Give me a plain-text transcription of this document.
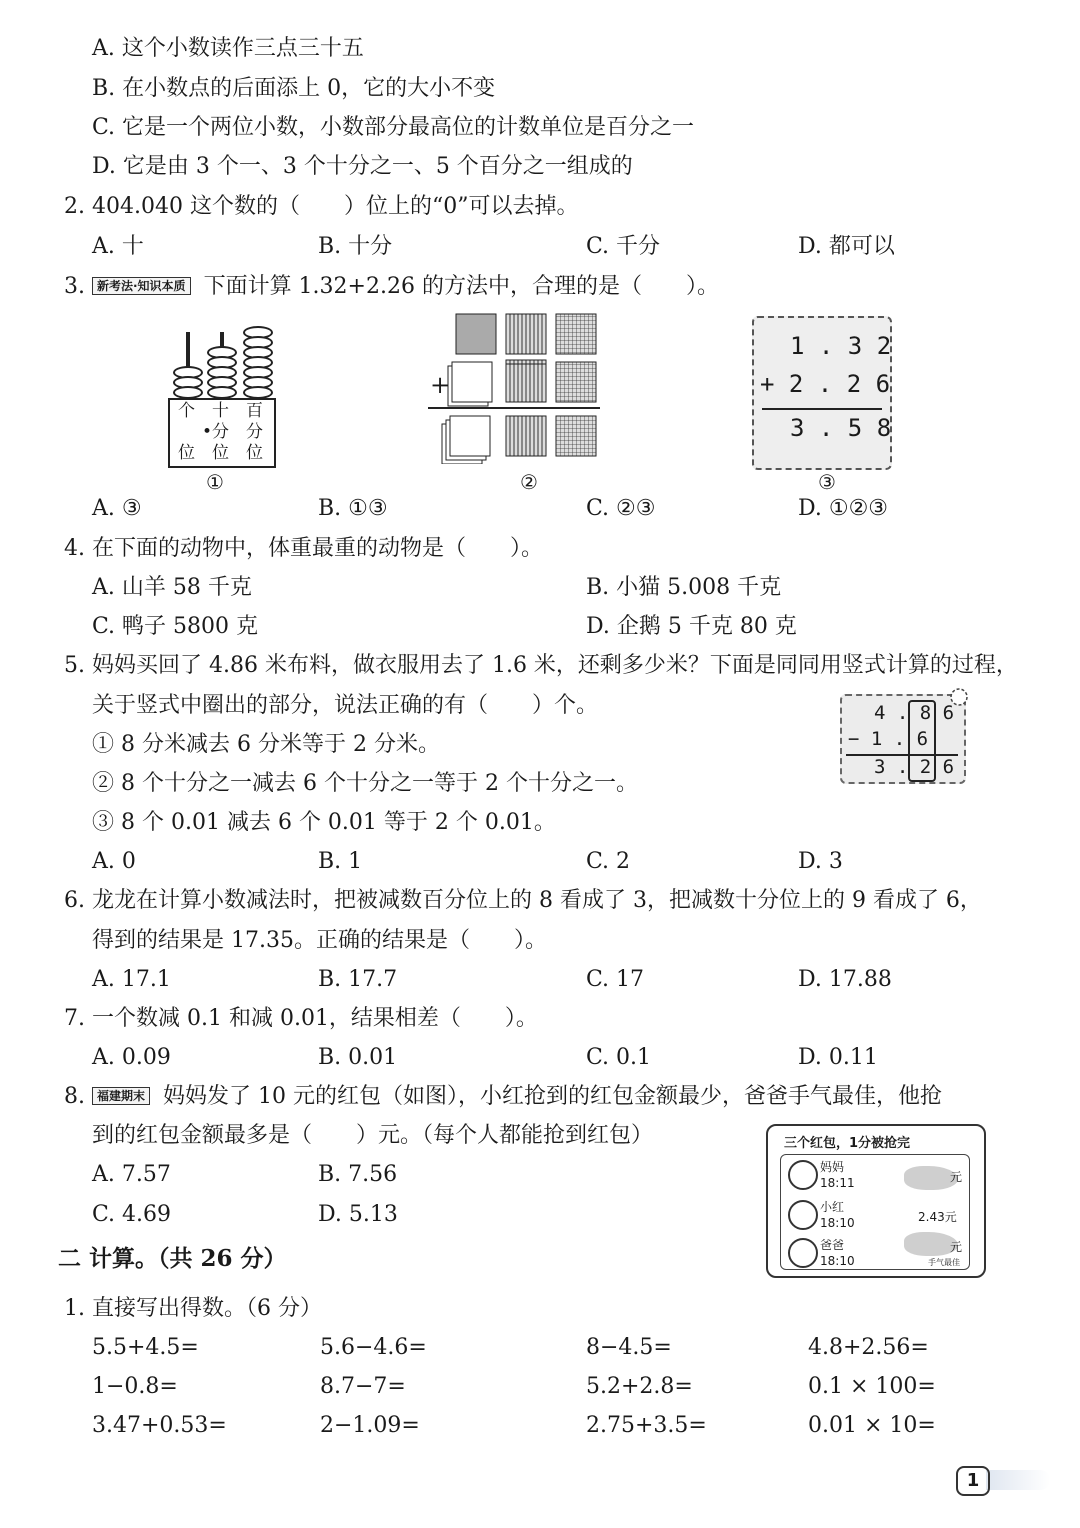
A. 这个小数读作三点三十五
B. 在小数点的后面添上 0，它的大小不变
C. 它是一个两位小数，小数部分最高位的计数单位是百分之一
D. 它是由 3 个一、3 个十分之一、5 个百分之一组成的
2. 404.040 这个数的（　　）位上的“0”可以去掉。
A. 十	B. 十分	C. 千分	D. 都可以
3. 新考法·知识本质 下面计算 1.32+2.26 的方法中，合理的是（　　）。
个 十 百
•分 分
位 位 位
①
+
②
1 . 3 2
+ 2 . 2 6
3 . 5 8
③
A. ③	B. ①③	C. ②③	D. ①②③
4. 在下面的动物中，体重最重的动物是（　　）。
A. 山羊 58 千克	B. 小猫 5.008 千克
C. 鸭子 5800 克	D. 企鹅 5 千克 80 克
5. 妈妈买回了 4.86 米布料，做衣服用去了 1.6 米，还剩多少米？下面是同同用竖式计算的过程，
关于竖式中圈出的部分，说法正确的有（　　）个。
① 8 分米减去 6 分米等于 2 分米。
② 8 个十分之一减去 6 个十分之一等于 2 个十分之一。
③ 8 个 0.01 减去 6 个 0.01 等于 2 个 0.01。
4 . 8 6
− 1 . 6
3 . 2 6
A. 0	B. 1	C. 2	D. 3
6. 龙龙在计算小数减法时，把被减数百分位上的 8 看成了 3，把减数十分位上的 9 看成了 6，
得到的结果是 17.35。正确的结果是（　　）。
A. 17.1	B. 17.7	C. 17	D. 17.88
7. 一个数减 0.1 和减 0.01，结果相差（　　）。
A. 0.09	B. 0.01	C. 0.1	D. 0.11
8. 福建期末 妈妈发了 10 元的红包（如图），小红抢到的红包金额最少，爸爸手气最佳，他抢
到的红包金额最多是（　　）元。（每个人都能抢到红包）
A. 7.57	B. 7.56
C. 4.69	D. 5.13
三个红包，1分被抢完
妈妈
18:11	元
小红
18:10	2.43元
爸爸
18:10
元
手气最佳
二 计算。（共 26 分）
1. 直接写出得数。（6 分）
5.5+4.5=	5.6−4.6=	8−4.5=	4.8+2.56=
1−0.8=	8.7−7=	5.2+2.8=	0.1 × 100=
3.47+0.53=	2−1.09=	2.75+3.5=	0.01 × 10=
1
